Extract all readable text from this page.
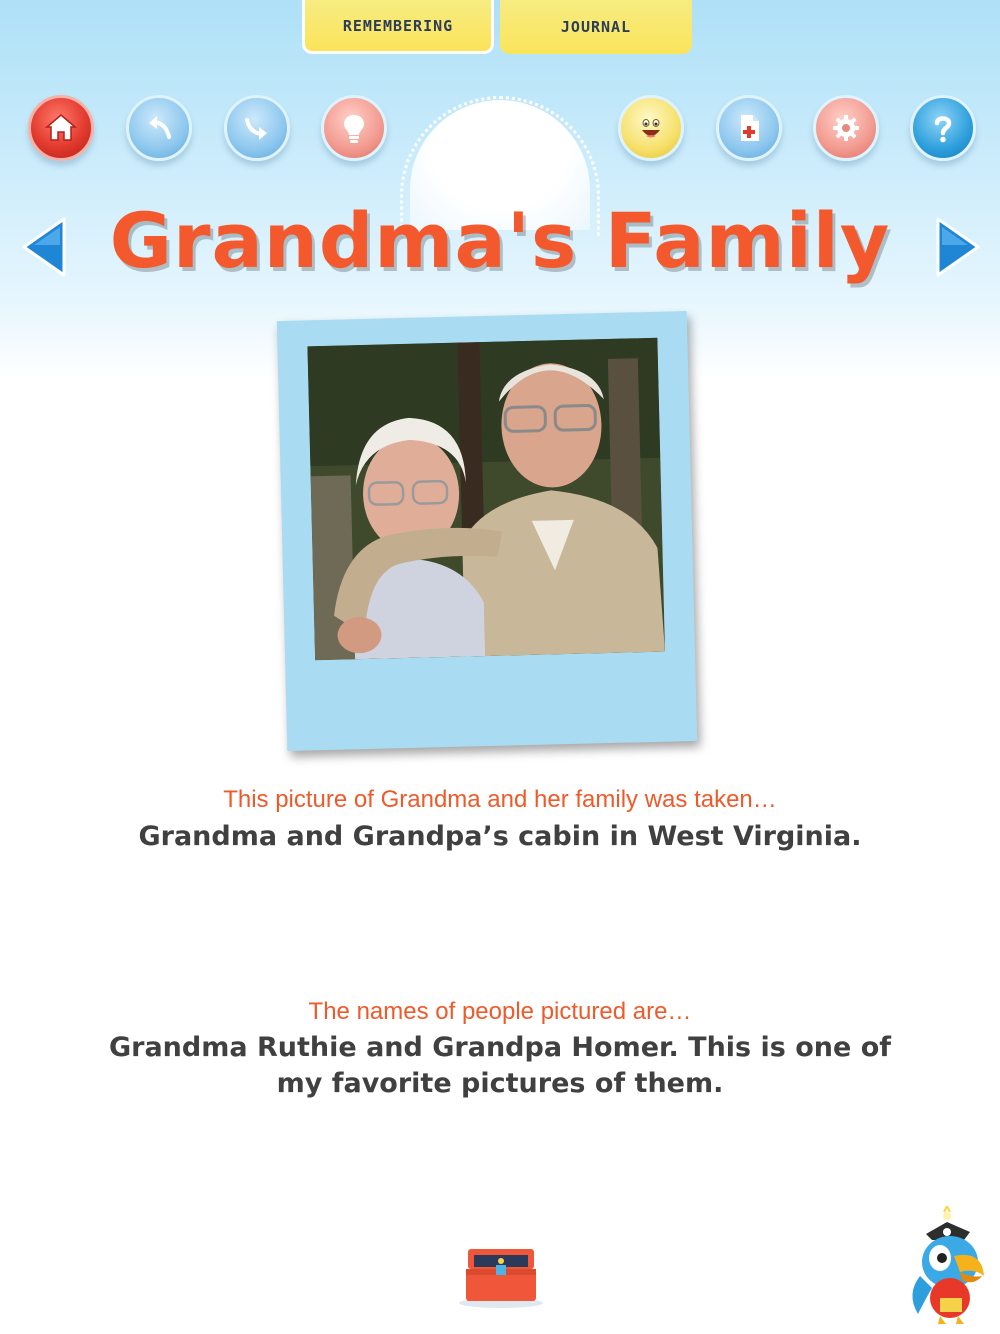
REMEMBERING	JOURNAL
Grandma's Family
This picture of Grandma and her family was taken…
Grandma and Grandpa’s cabin in West Virginia.
The names of people pictured are…
Grandma Ruthie and Grandpa Homer. This is one of my favorite pictures of them.
